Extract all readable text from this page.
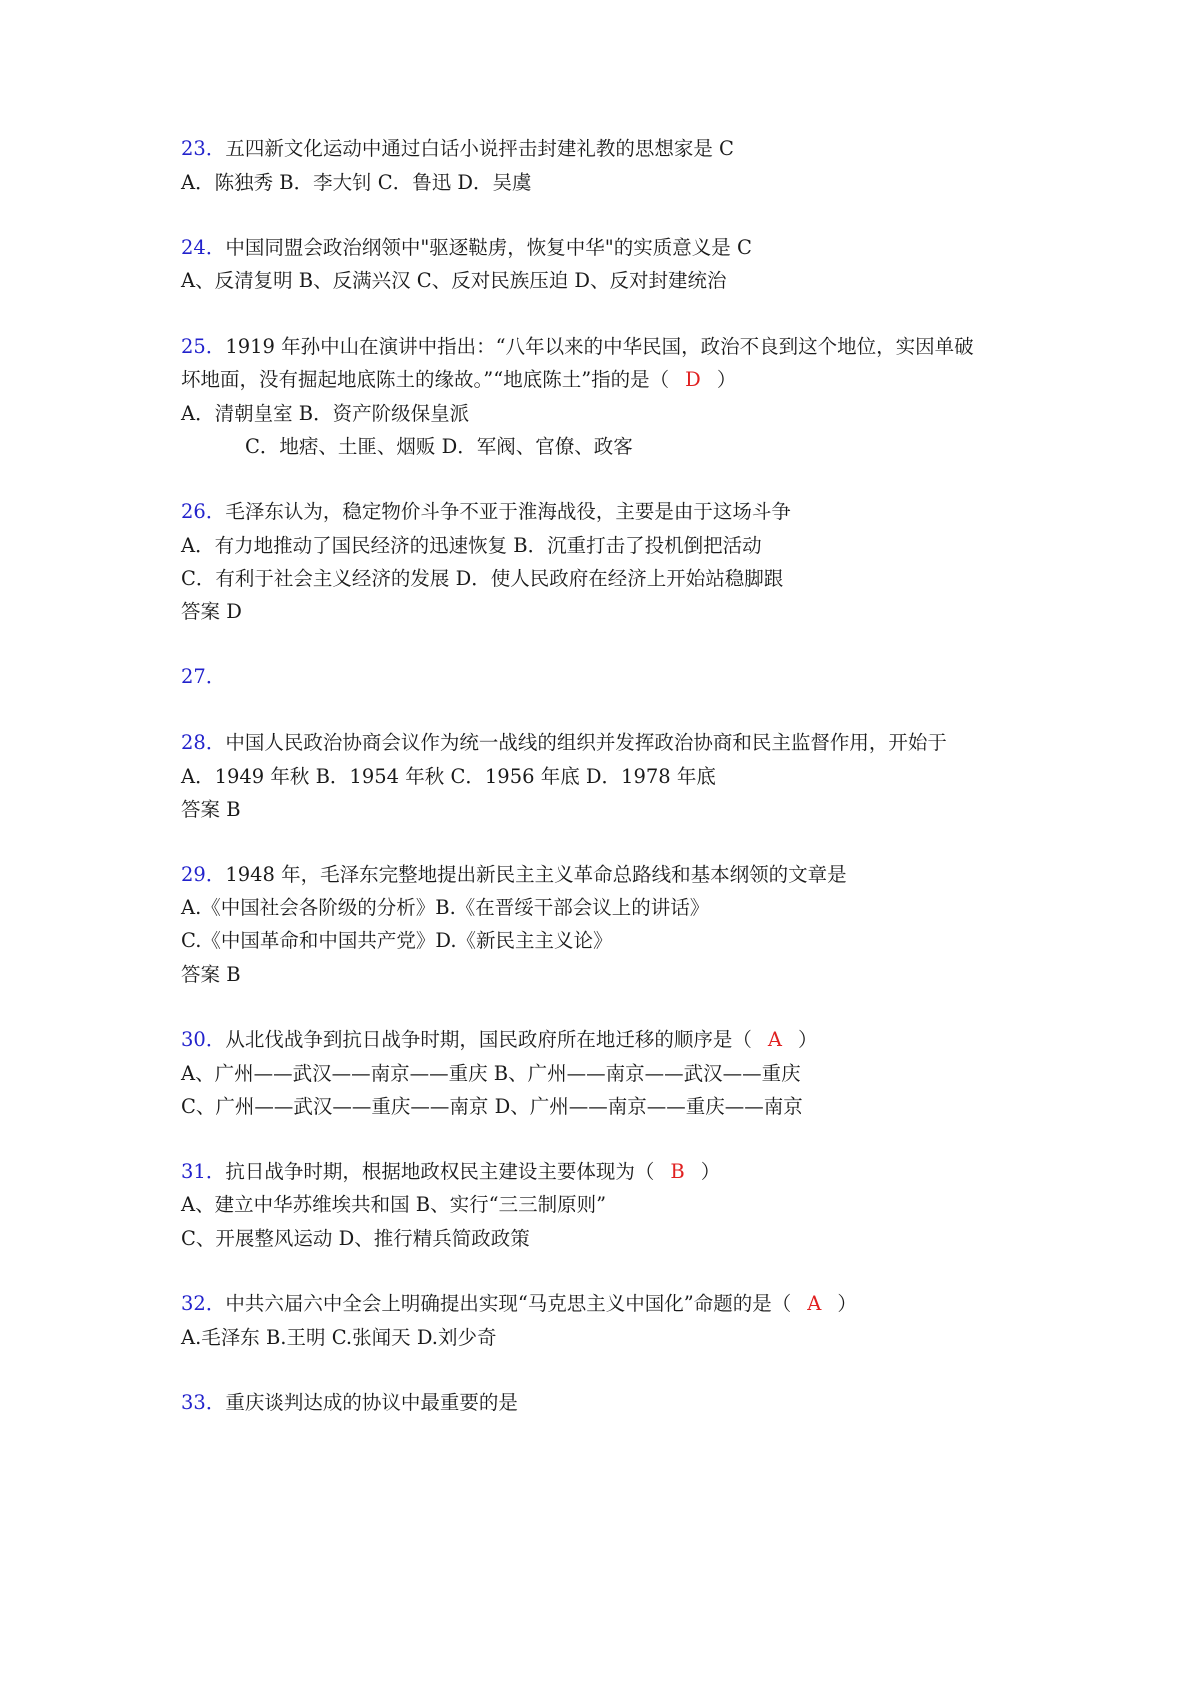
23．五四新文化运动中通过白话小说抨击封建礼教的思想家是 C
A．陈独秀 B．李大钊 C．鲁迅 D．吴虞
24．中国同盟会政治纲领中"驱逐鞑虏，恢复中华"的实质意义是 C
A、反清复明 B、反满兴汉 C、反对民族压迫 D、反对封建统治
25．1919 年孙中山在演讲中指出：“八年以来的中华民国，政治不良到这个地位，实因单破
坏地面，没有掘起地底陈土的缘故。”“地底陈土”指的是（ D ）
A．清朝皇室 B．资产阶级保皇派
C．地痞、土匪、烟贩 D．军阀、官僚、政客
26．毛泽东认为，稳定物价斗争不亚于淮海战役，主要是由于这场斗争
A．有力地推动了国民经济的迅速恢复 B．沉重打击了投机倒把活动
C．有利于社会主义经济的发展 D．使人民政府在经济上开始站稳脚跟
答案 D
27．
28．中国人民政治协商会议作为统一战线的组织并发挥政治协商和民主监督作用，开始于
A．1949 年秋 B．1954 年秋 C．1956 年底 D．1978 年底
答案 B
29．1948 年，毛泽东完整地提出新民主主义革命总路线和基本纲领的文章是
A.《中国社会各阶级的分析》B.《在晋绥干部会议上的讲话》
C.《中国革命和中国共产党》D.《新民主主义论》
答案 B
30．从北伐战争到抗日战争时期，国民政府所在地迁移的顺序是（ A ）
A、广州——武汉——南京——重庆 B、广州——南京——武汉——重庆
C、广州——武汉——重庆——南京 D、广州——南京——重庆——南京
31．抗日战争时期，根据地政权民主建设主要体现为（ B ）
A、建立中华苏维埃共和国 B、实行“三三制原则”
C、开展整风运动 D、推行精兵简政政策
32．中共六届六中全会上明确提出实现“马克思主义中国化”命题的是（ A ）
A.毛泽东 B.王明 C.张闻天 D.刘少奇
33．重庆谈判达成的协议中最重要的是
